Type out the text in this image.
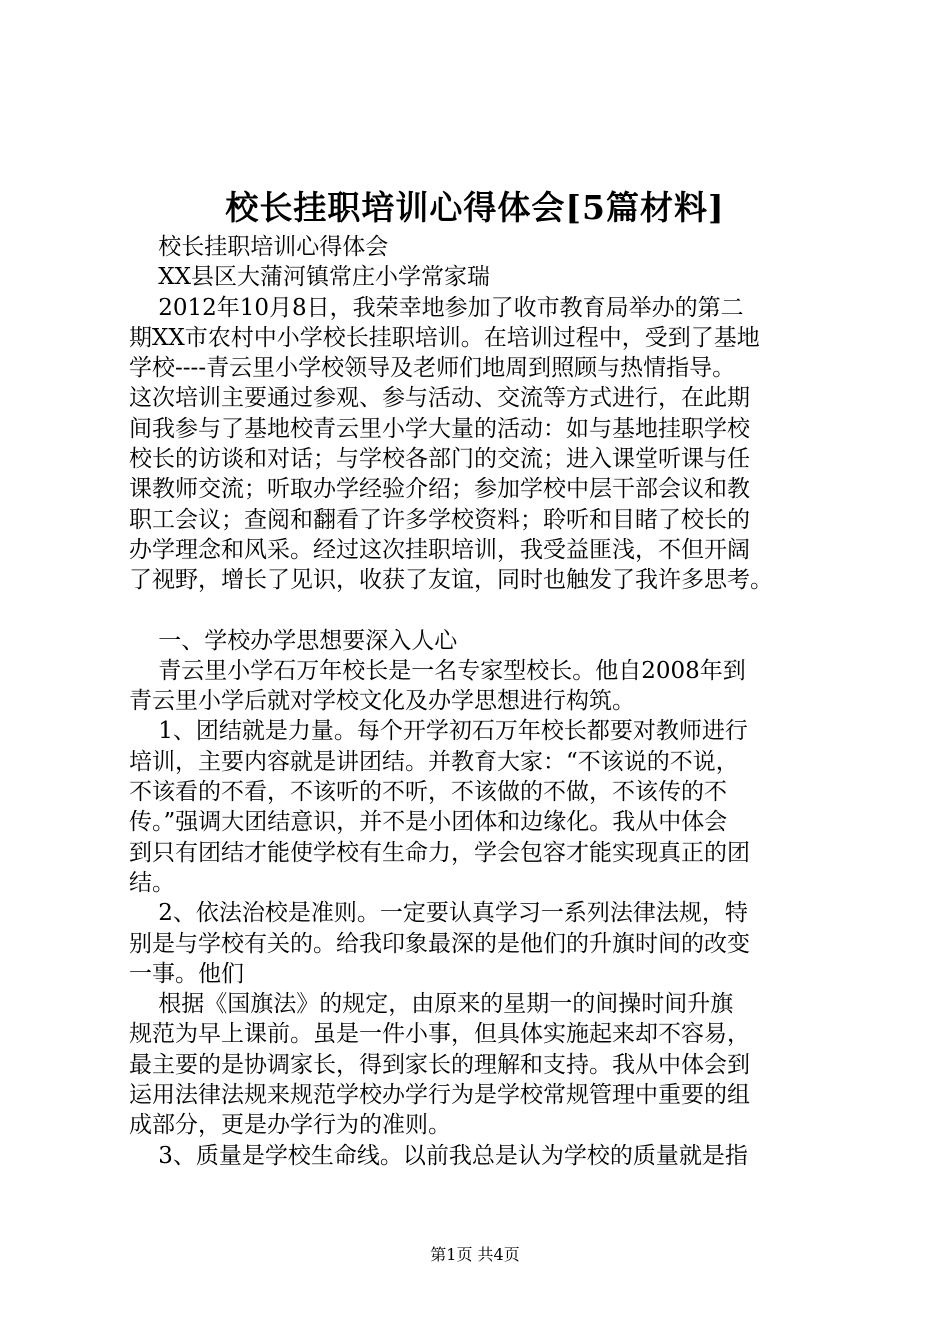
校长挂职培训心得体会[5篇材料]
校长挂职培训心得体会
XX县区大蒲河镇常庄小学常家瑞
2012年10月8日，我荣幸地参加了收市教育局举办的第二
期XX市农村中小学校长挂职培训。在培训过程中，受到了基地
学校----青云里小学校领导及老师们地周到照顾与热情指导。
这次培训主要通过参观、参与活动、交流等方式进行，在此期
间我参与了基地校青云里小学大量的活动：如与基地挂职学校
校长的访谈和对话；与学校各部门的交流；进入课堂听课与任
课教师交流；听取办学经验介绍；参加学校中层干部会议和教
职工会议；查阅和翻看了许多学校资料；聆听和目睹了校长的
办学理念和风采。经过这次挂职培训，我受益匪浅，不但开阔
了视野，增长了见识，收获了友谊，同时也触发了我许多思考。
一、学校办学思想要深入人心
青云里小学石万年校长是一名专家型校长。他自2008年到
青云里小学后就对学校文化及办学思想进行构筑。
1、团结就是力量。每个开学初石万年校长都要对教师进行
培训，主要内容就是讲团结。并教育大家：“不该说的不说，
不该看的不看，不该听的不听，不该做的不做，不该传的不
传。”强调大团结意识，并不是小团体和边缘化。我从中体会
到只有团结才能使学校有生命力，学会包容才能实现真正的团
结。
2、依法治校是准则。一定要认真学习一系列法律法规，特
别是与学校有关的。给我印象最深的是他们的升旗时间的改变
一事。他们
根据《国旗法》的规定，由原来的星期一的间操时间升旗
规范为早上课前。虽是一件小事，但具体实施起来却不容易，
最主要的是协调家长，得到家长的理解和支持。我从中体会到
运用法律法规来规范学校办学行为是学校常规管理中重要的组
成部分，更是办学行为的准则。
3、质量是学校生命线。以前我总是认为学校的质量就是指
第1页 共4页
